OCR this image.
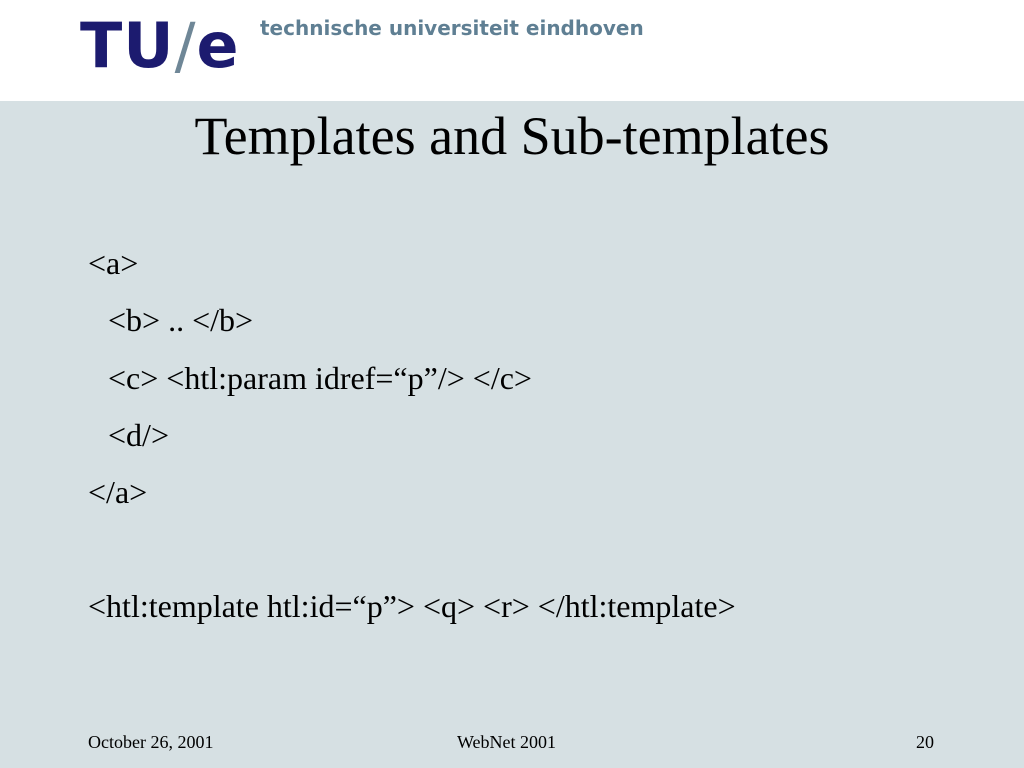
TU/e technische universiteit eindhoven
Templates and Sub-templates
<a>
<b> .. </b>
<c> <htl:param idref=“p”/> </c>
<d/>
</a>
<htl:template htl:id=“p”> <q> <r> </htl:template>
October 26, 2001	WebNet 2001	20
